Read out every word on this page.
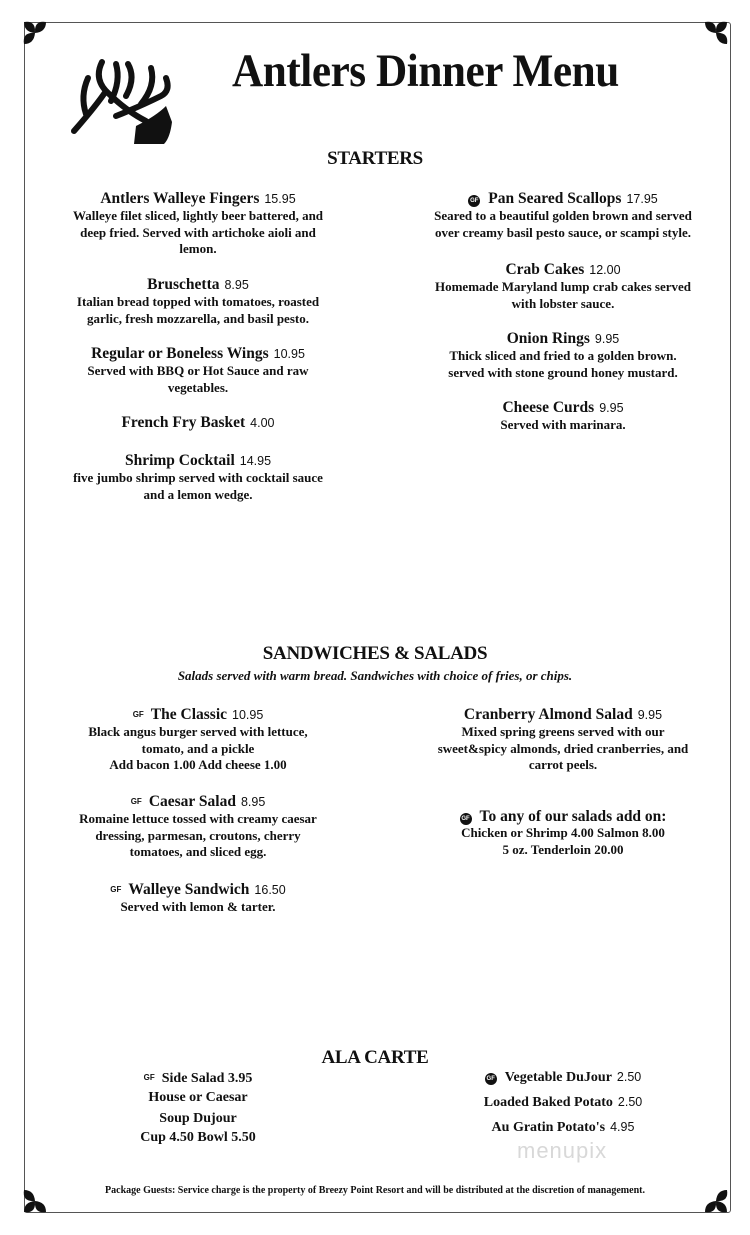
Antlers Dinner Menu
STARTERS
Antlers Walleye Fingers 15.95
Walleye filet sliced, lightly beer battered, and
deep fried. Served with artichoke aioli and
lemon.
Bruschetta 8.95
Italian bread topped with tomatoes, roasted
garlic, fresh mozzarella, and basil pesto.
Regular or Boneless Wings 10.95
Served with BBQ or Hot Sauce and raw
vegetables.
French Fry Basket 4.00
Shrimp Cocktail 14.95
five jumbo shrimp served with cocktail sauce
and a lemon wedge.
GF Pan Seared Scallops 17.95
Seared to a beautiful golden brown and served
over creamy basil pesto sauce, or scampi style.
Crab Cakes 12.00
Homemade Maryland lump crab cakes served
with lobster sauce.
Onion Rings 9.95
Thick sliced and fried to a golden brown.
served with stone ground honey mustard.
Cheese Curds 9.95
Served with marinara.
SANDWICHES & SALADS
Salads served with warm bread. Sandwiches with choice of fries, or chips.
GF The Classic 10.95
Black angus burger served with lettuce,
tomato, and a pickle
Add bacon 1.00 Add cheese 1.00
GF Caesar Salad 8.95
Romaine lettuce tossed with creamy caesar
dressing, parmesan, croutons, cherry
tomatoes, and sliced egg.
GF Walleye Sandwich 16.50
Served with lemon & tarter.
Cranberry Almond Salad 9.95
Mixed spring greens served with our
sweet&spicy almonds, dried cranberries, and
carrot peels.
GF To any of our salads add on:
Chicken or Shrimp 4.00 Salmon 8.00
5 oz. Tenderloin 20.00
ALA CARTE
GF Side Salad 3.95
House or Caesar
Soup Dujour
Cup 4.50 Bowl 5.50
GF Vegetable DuJour 2.50
Loaded Baked Potato 2.50
Au Gratin Potato's 4.95
menupix
Package Guests: Service charge is the property of Breezy Point Resort and will be distributed at the discretion of management.
